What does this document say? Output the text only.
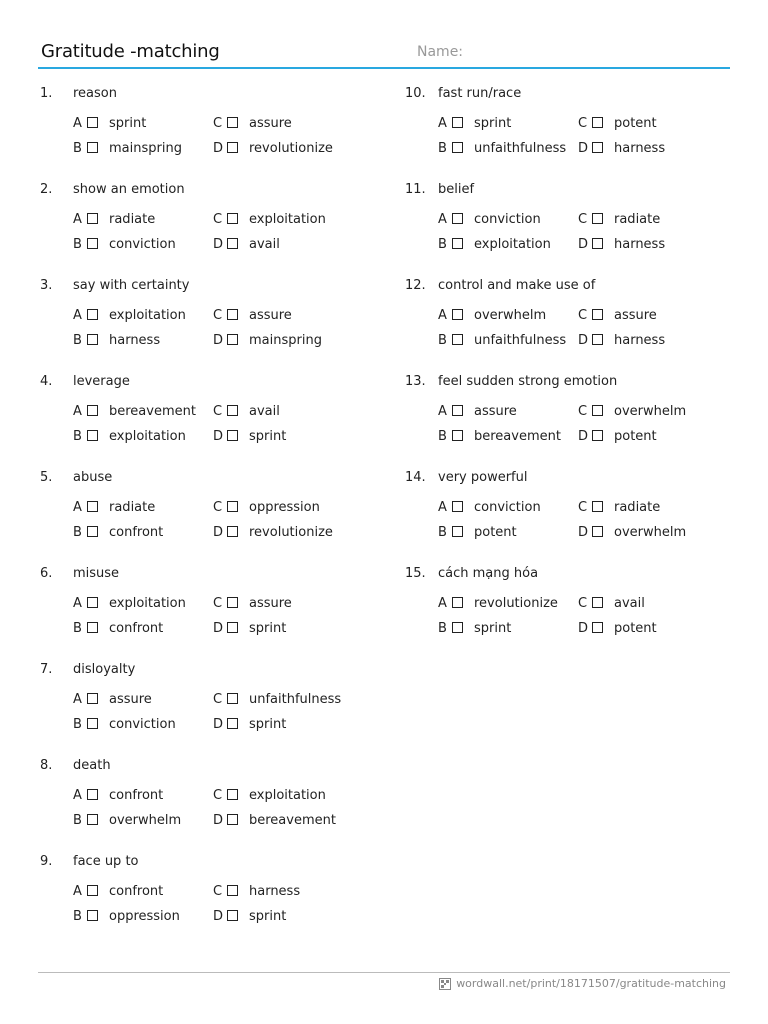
Gratitude -matching	Name:
1. reason
A sprint
B mainspring
C assure
D revolutionize
2. show an emotion
A radiate
B conviction
C exploitation
D avail
3. say with certainty
A exploitation
B harness
C assure
D mainspring
4. leverage
A bereavement
B exploitation
C avail
D sprint
5. abuse
A radiate
B confront
C oppression
D revolutionize
6. misuse
A exploitation
B confront
C assure
D sprint
7. disloyalty
A assure
B conviction
C unfaithfulness
D sprint
8. death
A confront
B overwhelm
C exploitation
D bereavement
9. face up to
A confront
B oppression
C harness
D sprint
10. fast run/race
A sprint
B unfaithfulness
C potent
D harness
11. belief
A conviction
B exploitation
C radiate
D harness
12. control and make use of
A overwhelm
B unfaithfulness
C assure
D harness
13. feel sudden strong emotion
A assure
B bereavement
C overwhelm
D potent
14. very powerful
A conviction
B potent
C radiate
D overwhelm
15. cách mạng hóa
A revolutionize
B sprint
C avail
D potent
wordwall.net/print/18171507/gratitude-matching
